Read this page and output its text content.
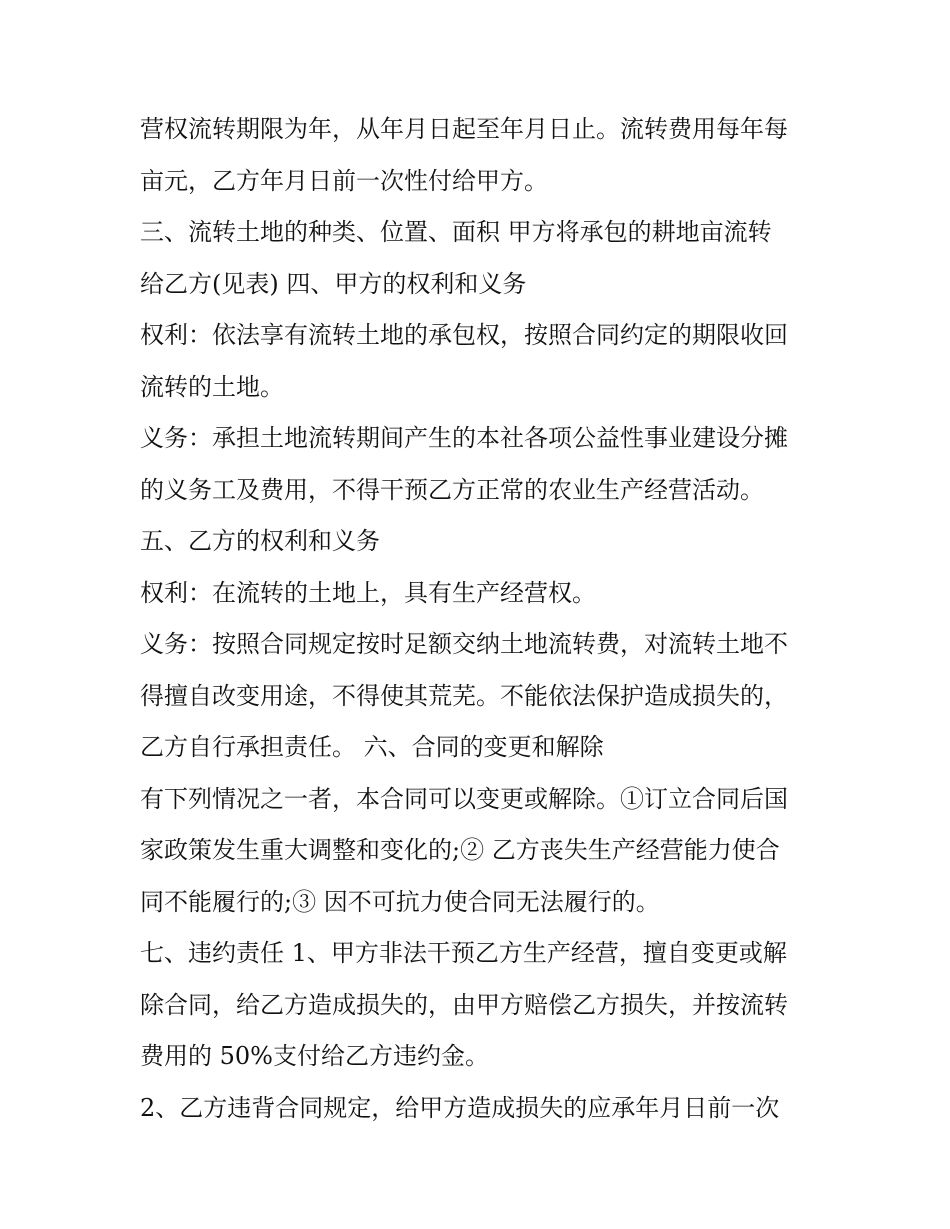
营权流转期限为年，从年月日起至年月日止。流转费用每年每
亩元，乙方年月日前一次性付给甲方。
三、流转土地的种类、位置、面积 甲方将承包的耕地亩流转
给乙方(见表) 四、甲方的权利和义务
权利：依法享有流转土地的承包权，按照合同约定的期限收回
流转的土地。
义务：承担土地流转期间产生的本社各项公益性事业建设分摊
的义务工及费用，不得干预乙方正常的农业生产经营活动。
五、乙方的权利和义务
权利：在流转的土地上，具有生产经营权。
义务：按照合同规定按时足额交纳土地流转费，对流转土地不
得擅自改变用途，不得使其荒芜。不能依法保护造成损失的，
乙方自行承担责任。 六、合同的变更和解除
有下列情况之一者，本合同可以变更或解除。①订立合同后国
家政策发生重大调整和变化的;② 乙方丧失生产经营能力使合
同不能履行的;③ 因不可抗力使合同无法履行的。
七、违约责任 1、甲方非法干预乙方生产经营，擅自变更或解
除合同，给乙方造成损失的，由甲方赔偿乙方损失，并按流转
费用的 50%支付给乙方违约金。
2、乙方违背合同规定，给甲方造成损失的应承年月日前一次
